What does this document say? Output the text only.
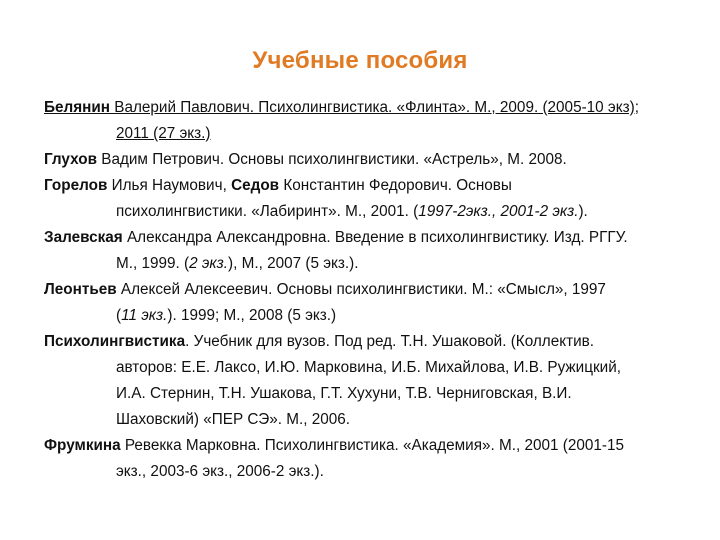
Учебные пособия
Белянин Валерий Павлович. Психолингвистика. «Флинта». М., 2009. (2005-10 экз);
2011 (27 экз.)
Глухов Вадим Петрович. Основы психолингвистики. «Астрель», М. 2008.
Горелов Илья Наумович, Седов Константин Федорович. Основы
психолингвистики. «Лабиринт». М., 2001. (1997-2экз., 2001-2 экз.).
Залевская Александра Александровна. Введение в психолингвистику. Изд. РГГУ.
М., 1999. (2 экз.), М., 2007 (5 экз.).
Леонтьев Алексей Алексеевич. Основы психолингвистики. М.: «Смысл», 1997
(11 экз.). 1999; М., 2008 (5 экз.)
Психолингвистика. Учебник для вузов. Под ред. Т.Н. Ушаковой. (Коллектив.
авторов: Е.Е. Лаксо, И.Ю. Марковина, И.Б. Михайлова, И.В. Ружицкий,
И.А. Стернин, Т.Н. Ушакова, Г.Т. Хухуни, Т.В. Черниговская, В.И.
Шаховский) «ПЕР СЭ». М., 2006.
Фрумкина Ревекка Марковна. Психолингвистика. «Академия». М., 2001 (2001-15
экз., 2003-6 экз., 2006-2 экз.).
